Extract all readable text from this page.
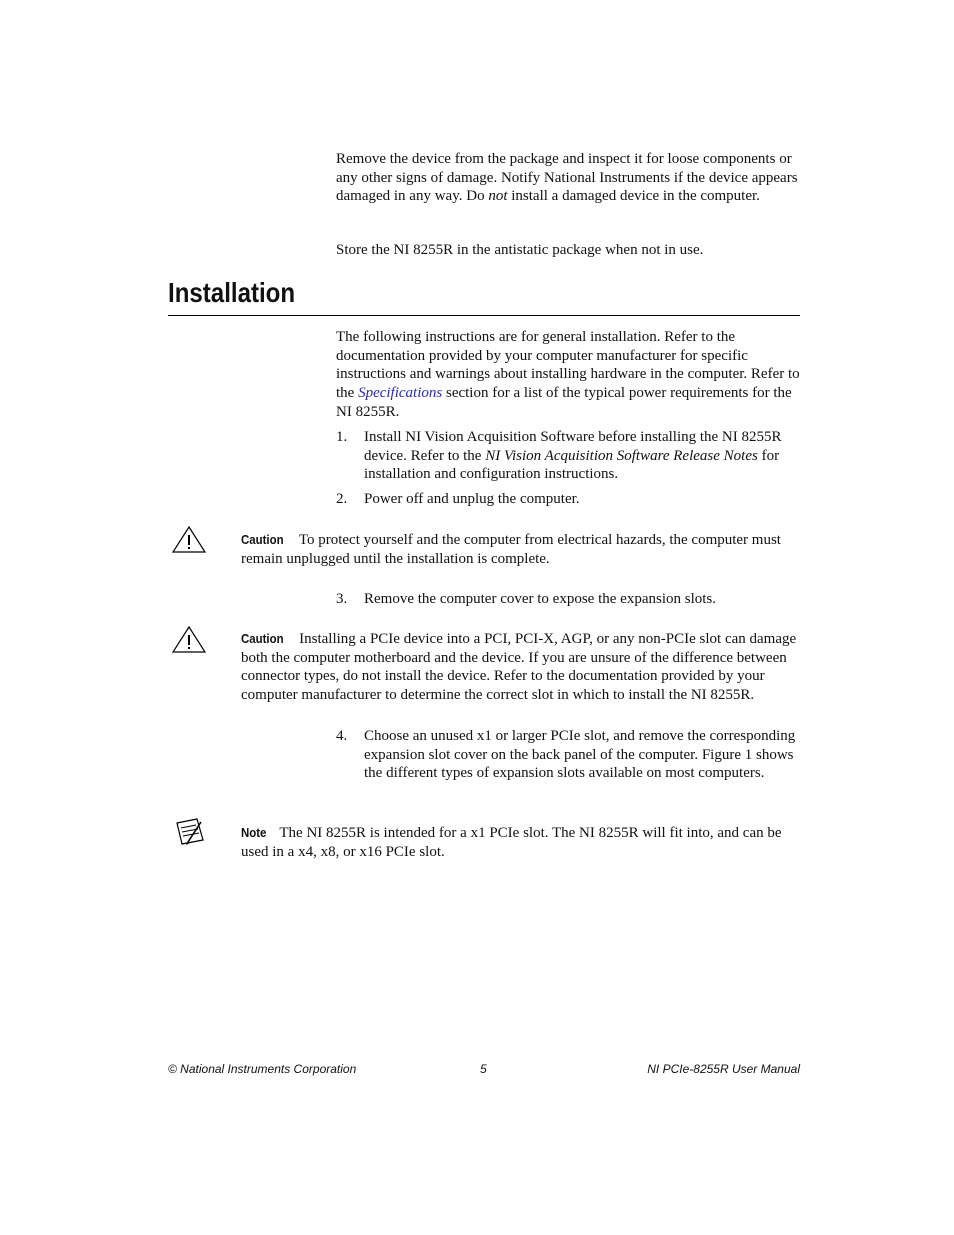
Remove the device from the package and inspect it for loose components or any other signs of damage. Notify National Instruments if the device appears damaged in any way. Do not install a damaged device in the computer.

Store the NI 8255R in the antistatic package when not in use.

Installation

The following instructions are for general installation. Refer to the documentation provided by your computer manufacturer for specific instructions and warnings about installing hardware in the computer. Refer to the Specifications section for a list of the typical power requirements for the NI 8255R.

1. Install NI Vision Acquisition Software before installing the NI 8255R device. Refer to the NI Vision Acquisition Software Release Notes for installation and configuration instructions.
2. Power off and unplug the computer.
Caution To protect yourself and the computer from electrical hazards, the computer must remain unplugged until the installation is complete.
3. Remove the computer cover to expose the expansion slots.
Caution Installing a PCIe device into a PCI, PCI-X, AGP, or any non-PCIe slot can damage both the computer motherboard and the device. If you are unsure of the difference between connector types, do not install the device. Refer to the documentation provided by your computer manufacturer to determine the correct slot in which to install the NI 8255R.
4. Choose an unused x1 or larger PCIe slot, and remove the corresponding expansion slot cover on the back panel of the computer. Figure 1 shows the different types of expansion slots available on most computers.
Note The NI 8255R is intended for a x1 PCIe slot. The NI 8255R will fit into, and can be used in a x4, x8, or x16 PCIe slot.
© National Instruments Corporation	5	NI PCIe-8255R User Manual
